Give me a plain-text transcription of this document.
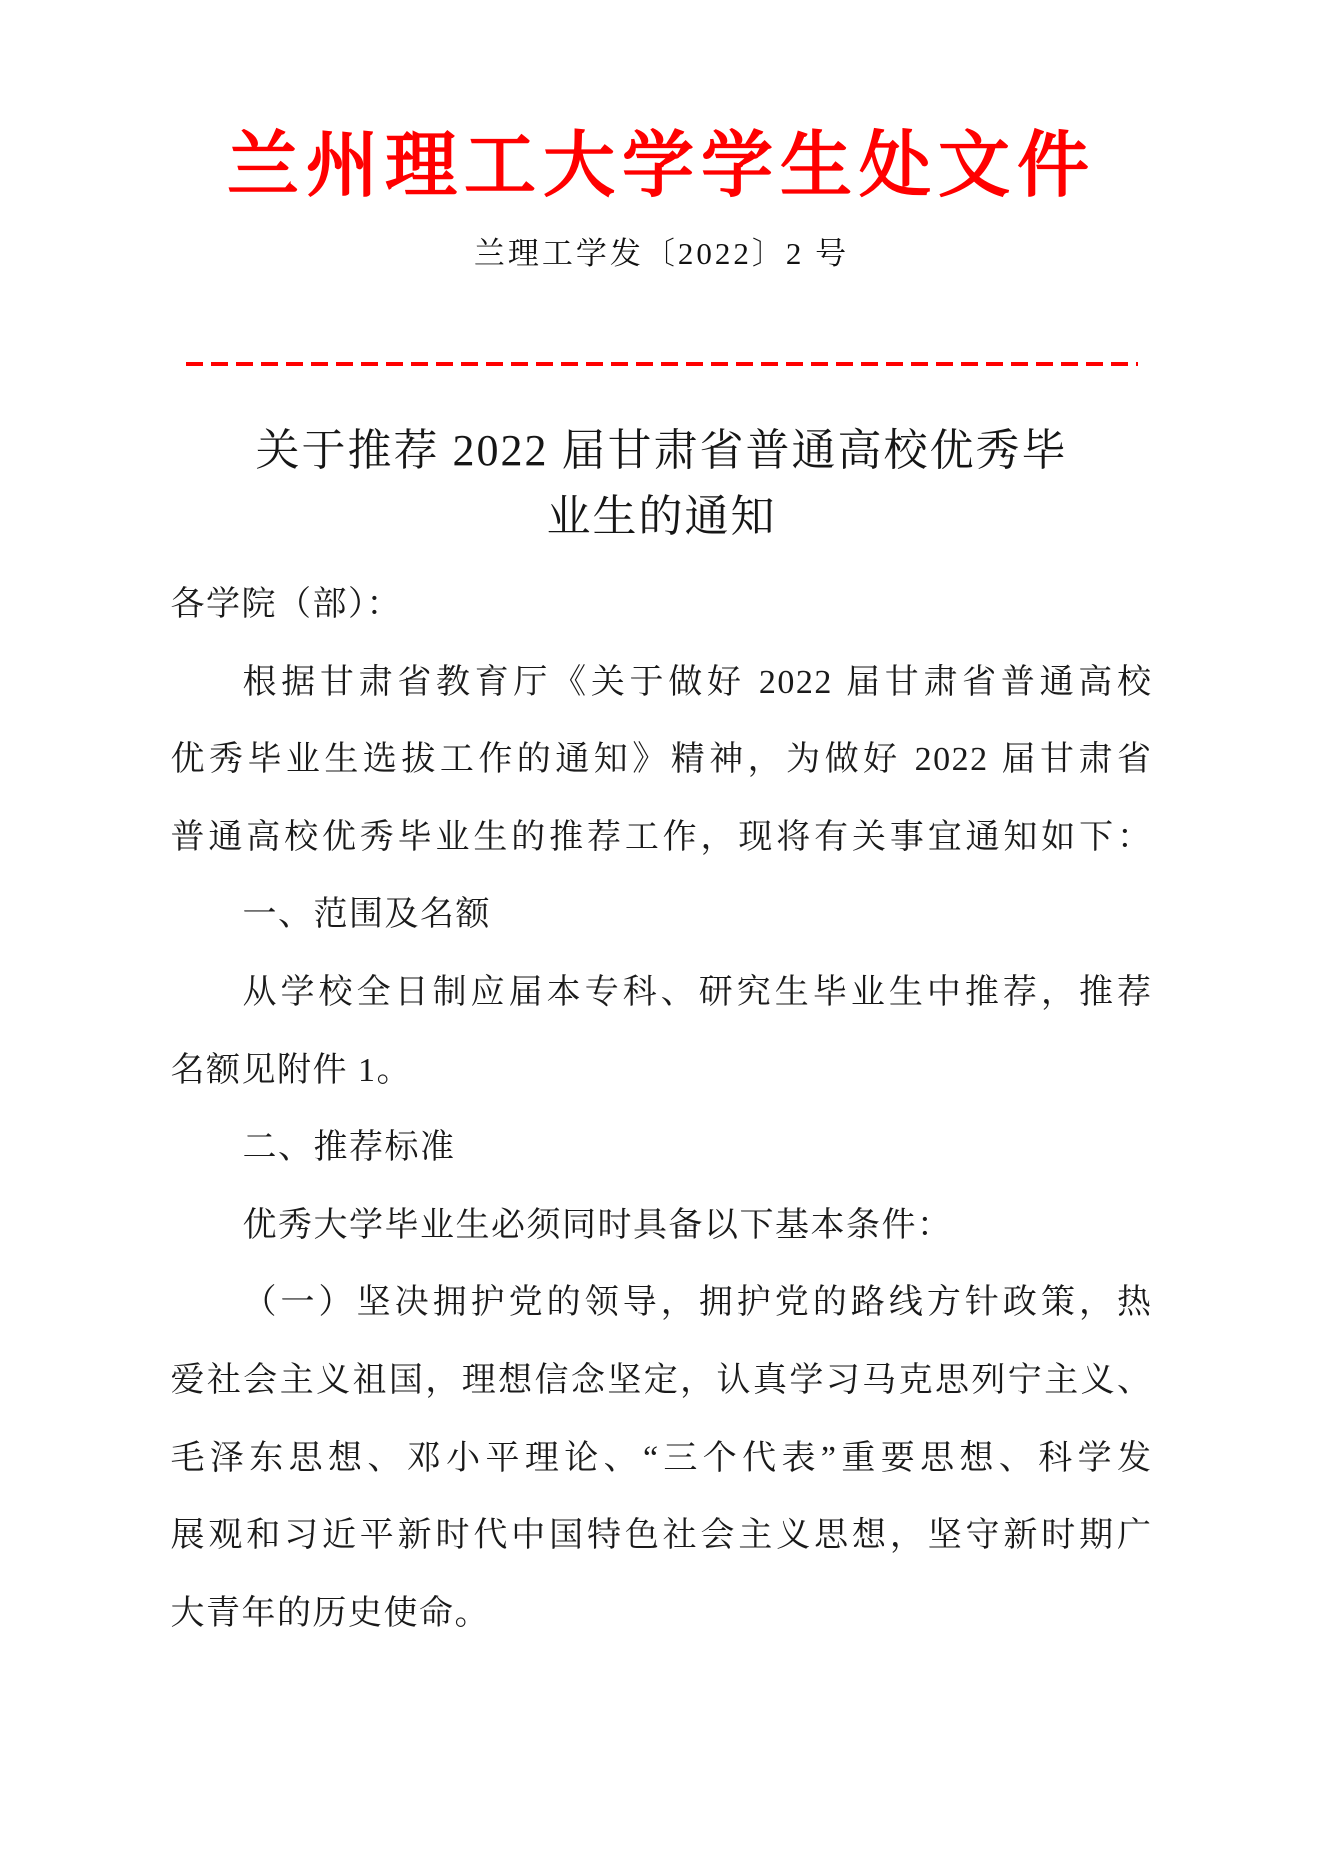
兰州理工大学学生处文件
兰理工学发〔2022〕2 号
关于推荐 2022 届甘肃省普通高校优秀毕
业生的通知
各学院（部）：
根据甘肃省教育厅《关于做好 2022 届甘肃省普通高校
优秀毕业生选拔工作的通知》精神，为做好 2022 届甘肃省
普通高校优秀毕业生的推荐工作，现将有关事宜通知如下：
一、范围及名额
从学校全日制应届本专科、研究生毕业生中推荐，推荐
名额见附件 1。
二、推荐标准
优秀大学毕业生必须同时具备以下基本条件：
（一）坚决拥护党的领导，拥护党的路线方针政策，热
爱社会主义祖国，理想信念坚定，认真学习马克思列宁主义、
毛泽东思想、邓小平理论、“三个代表”重要思想、科学发
展观和习近平新时代中国特色社会主义思想，坚守新时期广
大青年的历史使命。
